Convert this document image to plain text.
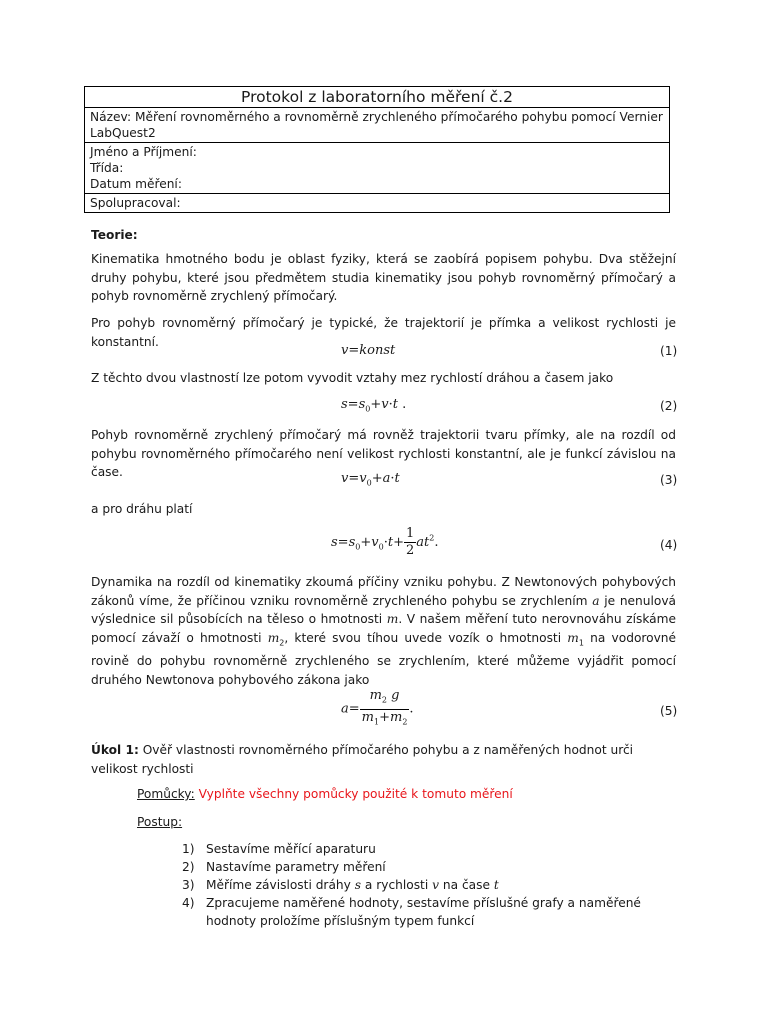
Protokol z laboratorního měření č.2
Název: Měření rovnoměrného a rovnoměrně zrychleného přímočarého pohybu pomocí Vernier
LabQuest2
Jméno a Příjmení:
Třída:
Datum měření:
Spolupracoval:
Teorie:
Kinematika hmotného bodu je oblast fyziky, která se zaobírá popisem pohybu. Dva stěžejní druhy pohybu, které jsou předmětem studia kinematiky jsou pohyb rovnoměrný přímočarý a pohyb rovnoměrně zrychlený přímočarý.
Pro pohyb rovnoměrný přímočarý je typické, že trajektorií je přímka a velikost rychlosti je konstantní.
v=konst	(1)
Z těchto dvou vlastností lze potom vyvodit vztahy mez rychlostí dráhou a časem jako
$s=s_0+v\cdot t$ .	(2)
Pohyb rovnoměrně zrychlený přímočarý má rovněž trajektorii tvaru přímky, ale na rozdíl od pohybu rovnoměrného přímočarého není velikost rychlosti konstantní, ale je funkcí závislou na čase.	$v=v_0+a\cdot t$	(3)
a pro dráhu platí
$s=s_0+v_0\cdot t+ \frac{1}{2} at^2$.	(4)
Dynamika na rozdíl od kinematiky zkoumá příčiny vzniku pohybu. Z Newtonových pohybových zákonů víme, že příčinou vzniku rovnoměrně zrychleného pohybu se zrychlením a je nenulová výslednice sil působících na těleso o hmotnosti m. V našem měření tuto nerovnováhu získáme pomocí závaží o hmotnosti $m_2$, které svou tíhou uvede vozík o hmotnosti $m_1$ na vodorovné rovině do pohybu rovnoměrně zrychleného se zrychlením, které můžeme vyjádřit pomocí druhého Newtonova pohybového zákona jako
$a= \frac{m_2 g}{m_1+m_2}$ .	(5)
Úkol 1: Ověř vlastnosti rovnoměrného přímočarého pohybu a z naměřených hodnot urči velikost rychlosti
Pomůcky: Vyplňte všechny pomůcky použité k tomuto měření
Postup:
1) Sestavíme měřící aparaturu
2) Nastavíme parametry měření
3) Měříme závislosti dráhy s a rychlosti v na čase t
4) Zpracujeme naměřené hodnoty, sestavíme příslušné grafy a naměřené hodnoty proložíme příslušným typem funkcí
